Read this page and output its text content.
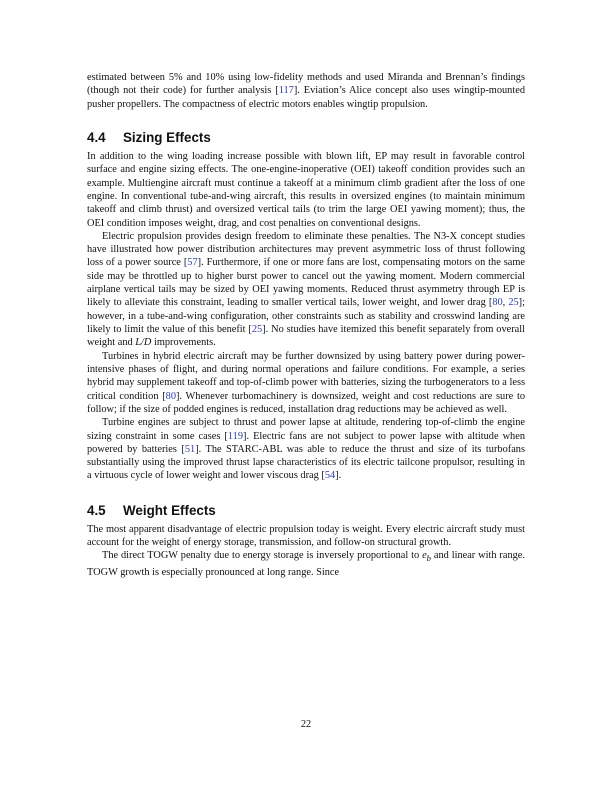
estimated between 5% and 10% using low-fidelity methods and used Miranda and Brennan’s findings (though not their code) for further analysis [117]. Eviation’s Alice concept also uses wingtip-mounted pusher propellers. The compactness of electric motors enables wingtip propulsion.

4.4	Sizing Effects

In addition to the wing loading increase possible with blown lift, EP may result in favorable control surface and engine sizing effects. The one-engine-inoperative (OEI) takeoff condition provides such an example. Multiengine aircraft must continue a takeoff at a minimum climb gradient after the loss of one engine. In conventional tube-and-wing aircraft, this results in oversized engines (to maintain minimum takeoff and climb thrust) and oversized vertical tails (to trim the large OEI yawing moment); thus, the OEI condition imposes weight, drag, and cost penalties on conventional designs.

Electric propulsion provides design freedom to eliminate these penalties. The N3-X concept studies have illustrated how power distribution architectures may prevent asymmetric loss of thrust following loss of a power source [57]. Furthermore, if one or more fans are lost, compensating motors on the same side may be throttled up to higher burst power to cancel out the yawing moment. Modern commercial airplane vertical tails may be sized by OEI yawing moments. Reduced thrust asymmetry through EP is likely to alleviate this constraint, leading to smaller vertical tails, lower weight, and lower drag [80, 25]; however, in a tube-and-wing configuration, other constraints such as stability and crosswind landing are likely to limit the value of this benefit [25]. No studies have itemized this benefit separately from overall weight and L/D improvements.

Turbines in hybrid electric aircraft may be further downsized by using battery power during power-intensive phases of flight, and during normal operations and failure conditions. For example, a series hybrid may supplement takeoff and top-of-climb power with batteries, sizing the turbogenerators to a less critical condition [80]. Whenever turbomachinery is downsized, weight and cost reductions are sure to follow; if the size of podded engines is reduced, installation drag reductions may be achieved as well.

Turbine engines are subject to thrust and power lapse at altitude, rendering top-of-climb the engine sizing constraint in some cases [119]. Electric fans are not subject to power lapse with altitude when powered by batteries [51]. The STARC-ABL was able to reduce the thrust and size of its turbofans substantially using the improved thrust lapse characteristics of its electric tailcone propulsor, resulting in a virtuous cycle of lower weight and lower viscous drag [54].

4.5	Weight Effects

The most apparent disadvantage of electric propulsion today is weight. Every electric aircraft study must account for the weight of energy storage, transmission, and follow-on structural growth.

The direct TOGW penalty due to energy storage is inversely proportional to $e_b$ and linear with range. TOGW growth is especially pronounced at long range. Since

22
